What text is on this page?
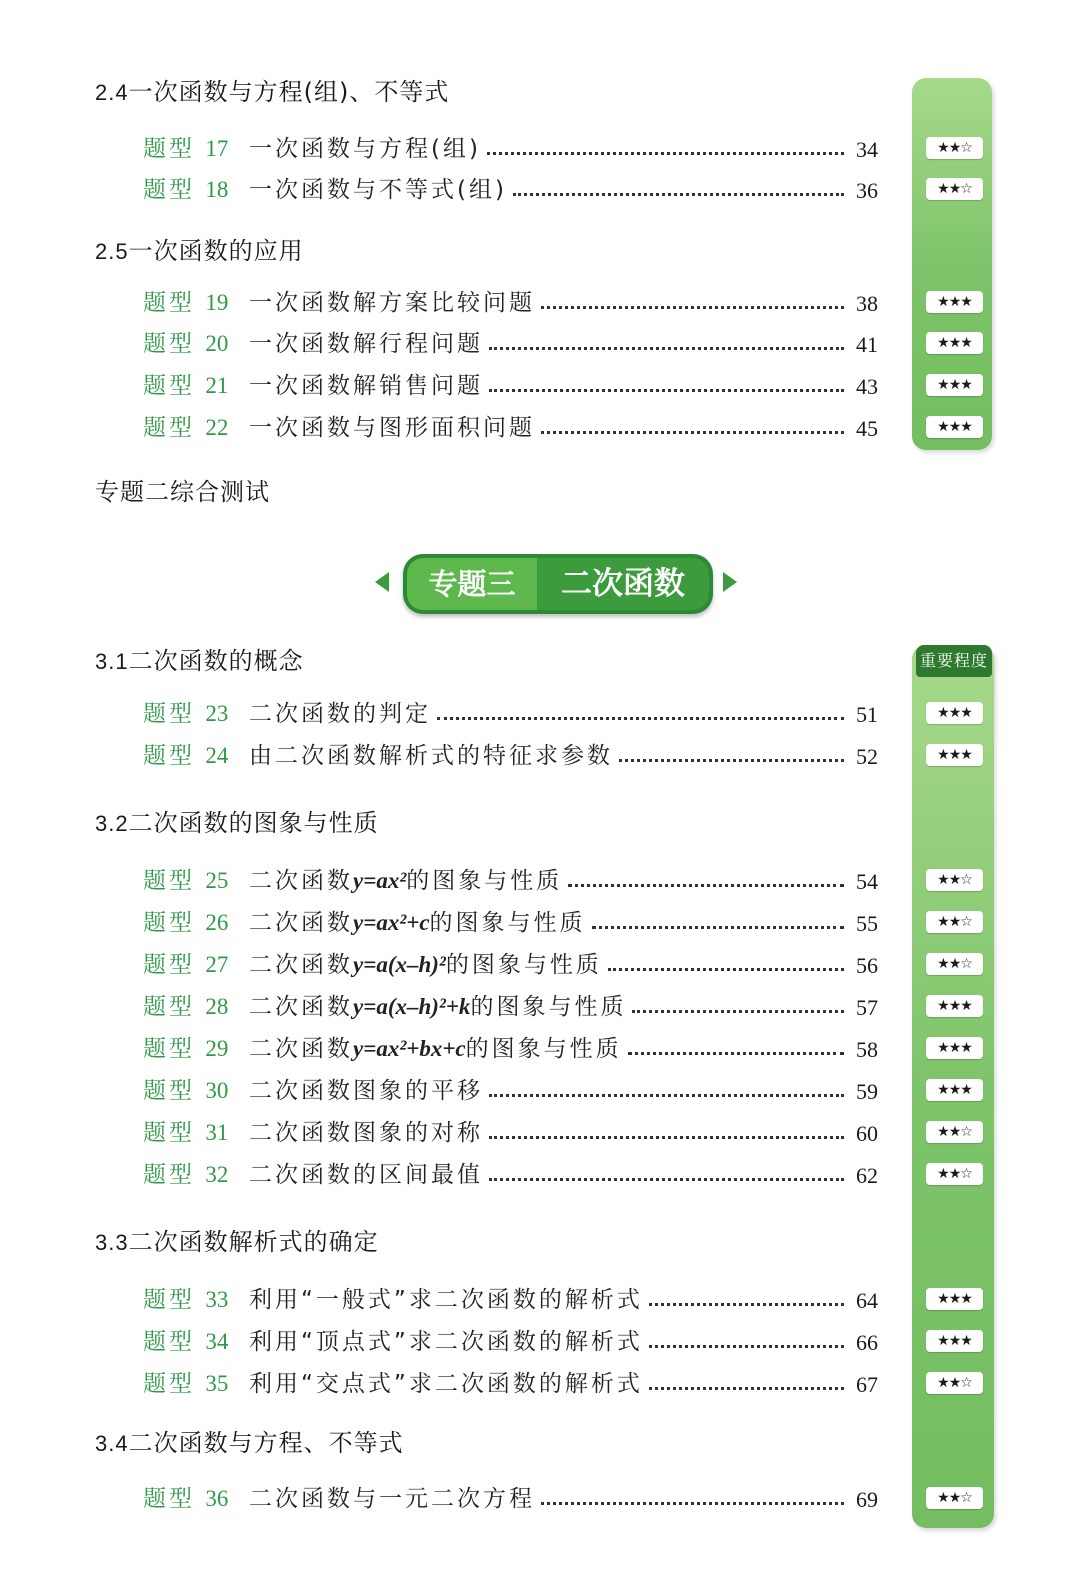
重要程度
2.4一次函数与方程(组)、不等式
2.5一次函数的应用
专题二综合测试
3.1二次函数的概念
3.2二次函数的图象与性质
3.3二次函数解析式的确定
3.4二次函数与方程、不等式
专题三	二次函数
题型 17 一次函数与方程(组)	34	★★☆
题型 18 一次函数与不等式(组)	36	★★☆
题型 19 一次函数解方案比较问题	38	★★★
题型 20 一次函数解行程问题	41	★★★
题型 21 一次函数解销售问题	43	★★★
题型 22 一次函数与图形面积问题	45	★★★
题型 23 二次函数的判定	51	★★★
题型 24 由二次函数解析式的特征求参数	52	★★★
题型 25 二次函数y=ax²的图象与性质	54	★★☆
题型 26 二次函数y=ax²+c的图象与性质	55	★★☆
题型 27 二次函数y=a(x–h)²的图象与性质	56	★★☆
题型 28 二次函数y=a(x–h)²+k的图象与性质	57	★★★
题型 29 二次函数y=ax²+bx+c的图象与性质	58	★★★
题型 30 二次函数图象的平移	59	★★★
题型 31 二次函数图象的对称	60	★★☆
题型 32 二次函数的区间最值	62	★★☆
题型 33 利用“一般式”求二次函数的解析式	64	★★★
题型 34 利用“顶点式”求二次函数的解析式	66	★★★
题型 35 利用“交点式”求二次函数的解析式	67	★★☆
题型 36 二次函数与一元二次方程	69	★★☆
